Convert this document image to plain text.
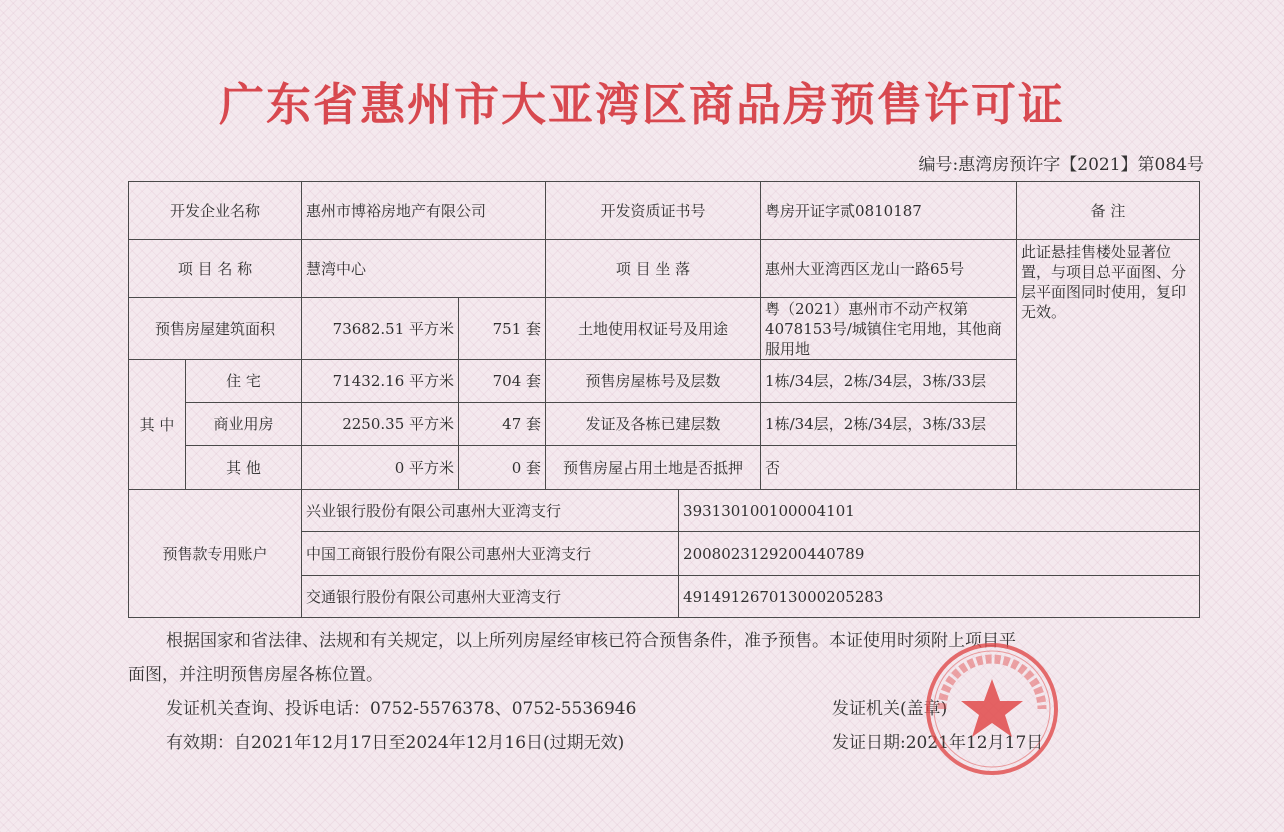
广东省惠州市大亚湾区商品房预售许可证
编号:惠湾房预许字【2021】第084号
开发企业名称		惠州市博裕房地产有限公司		开发资质证书号		粤房开证字贰0810187	备 注
项 目 名 称		慧湾中心		项 目 坐 落		惠州大亚湾西区龙山一路65号	此证悬挂售楼处显著位置，与项目总平面图、分层平面图同时使用，复印无效。
预售房屋建筑面积		73682.51 平方米	751 套	土地使用权证号及用途		粤（2021）惠州市不动产权第4078153号/城镇住宅用地，其他商服用地	
其 中	住 宅	71432.16 平方米	704 套	预售房屋栋号及层数		1栋/34层，2栋/34层，3栋/33层	
	商业用房	2250.35 平方米	47 套	发证及各栋已建层数		1栋/34层，2栋/34层，3栋/33层	
	其 他	0 平方米	0 套	预售房屋占用土地是否抵押		否	
预售款专用账户		兴业银行股份有限公司惠州大亚湾支行			393130100100004101		
		中国工商银行股份有限公司惠州大亚湾支行			2008023129200440789		
		交通银行股份有限公司惠州大亚湾支行			491491267013000205283		
根据国家和省法律、法规和有关规定，以上所列房屋经审核已符合预售条件，准予预售。本证使用时须附上项目平
面图，并注明预售房屋各栋位置。
发证机关查询、投诉电话：0752-5576378、0752-5536946	发证机关(盖章)
有效期：自2021年12月17日至2024年12月16日(过期无效)	发证日期:2021年12月17日
